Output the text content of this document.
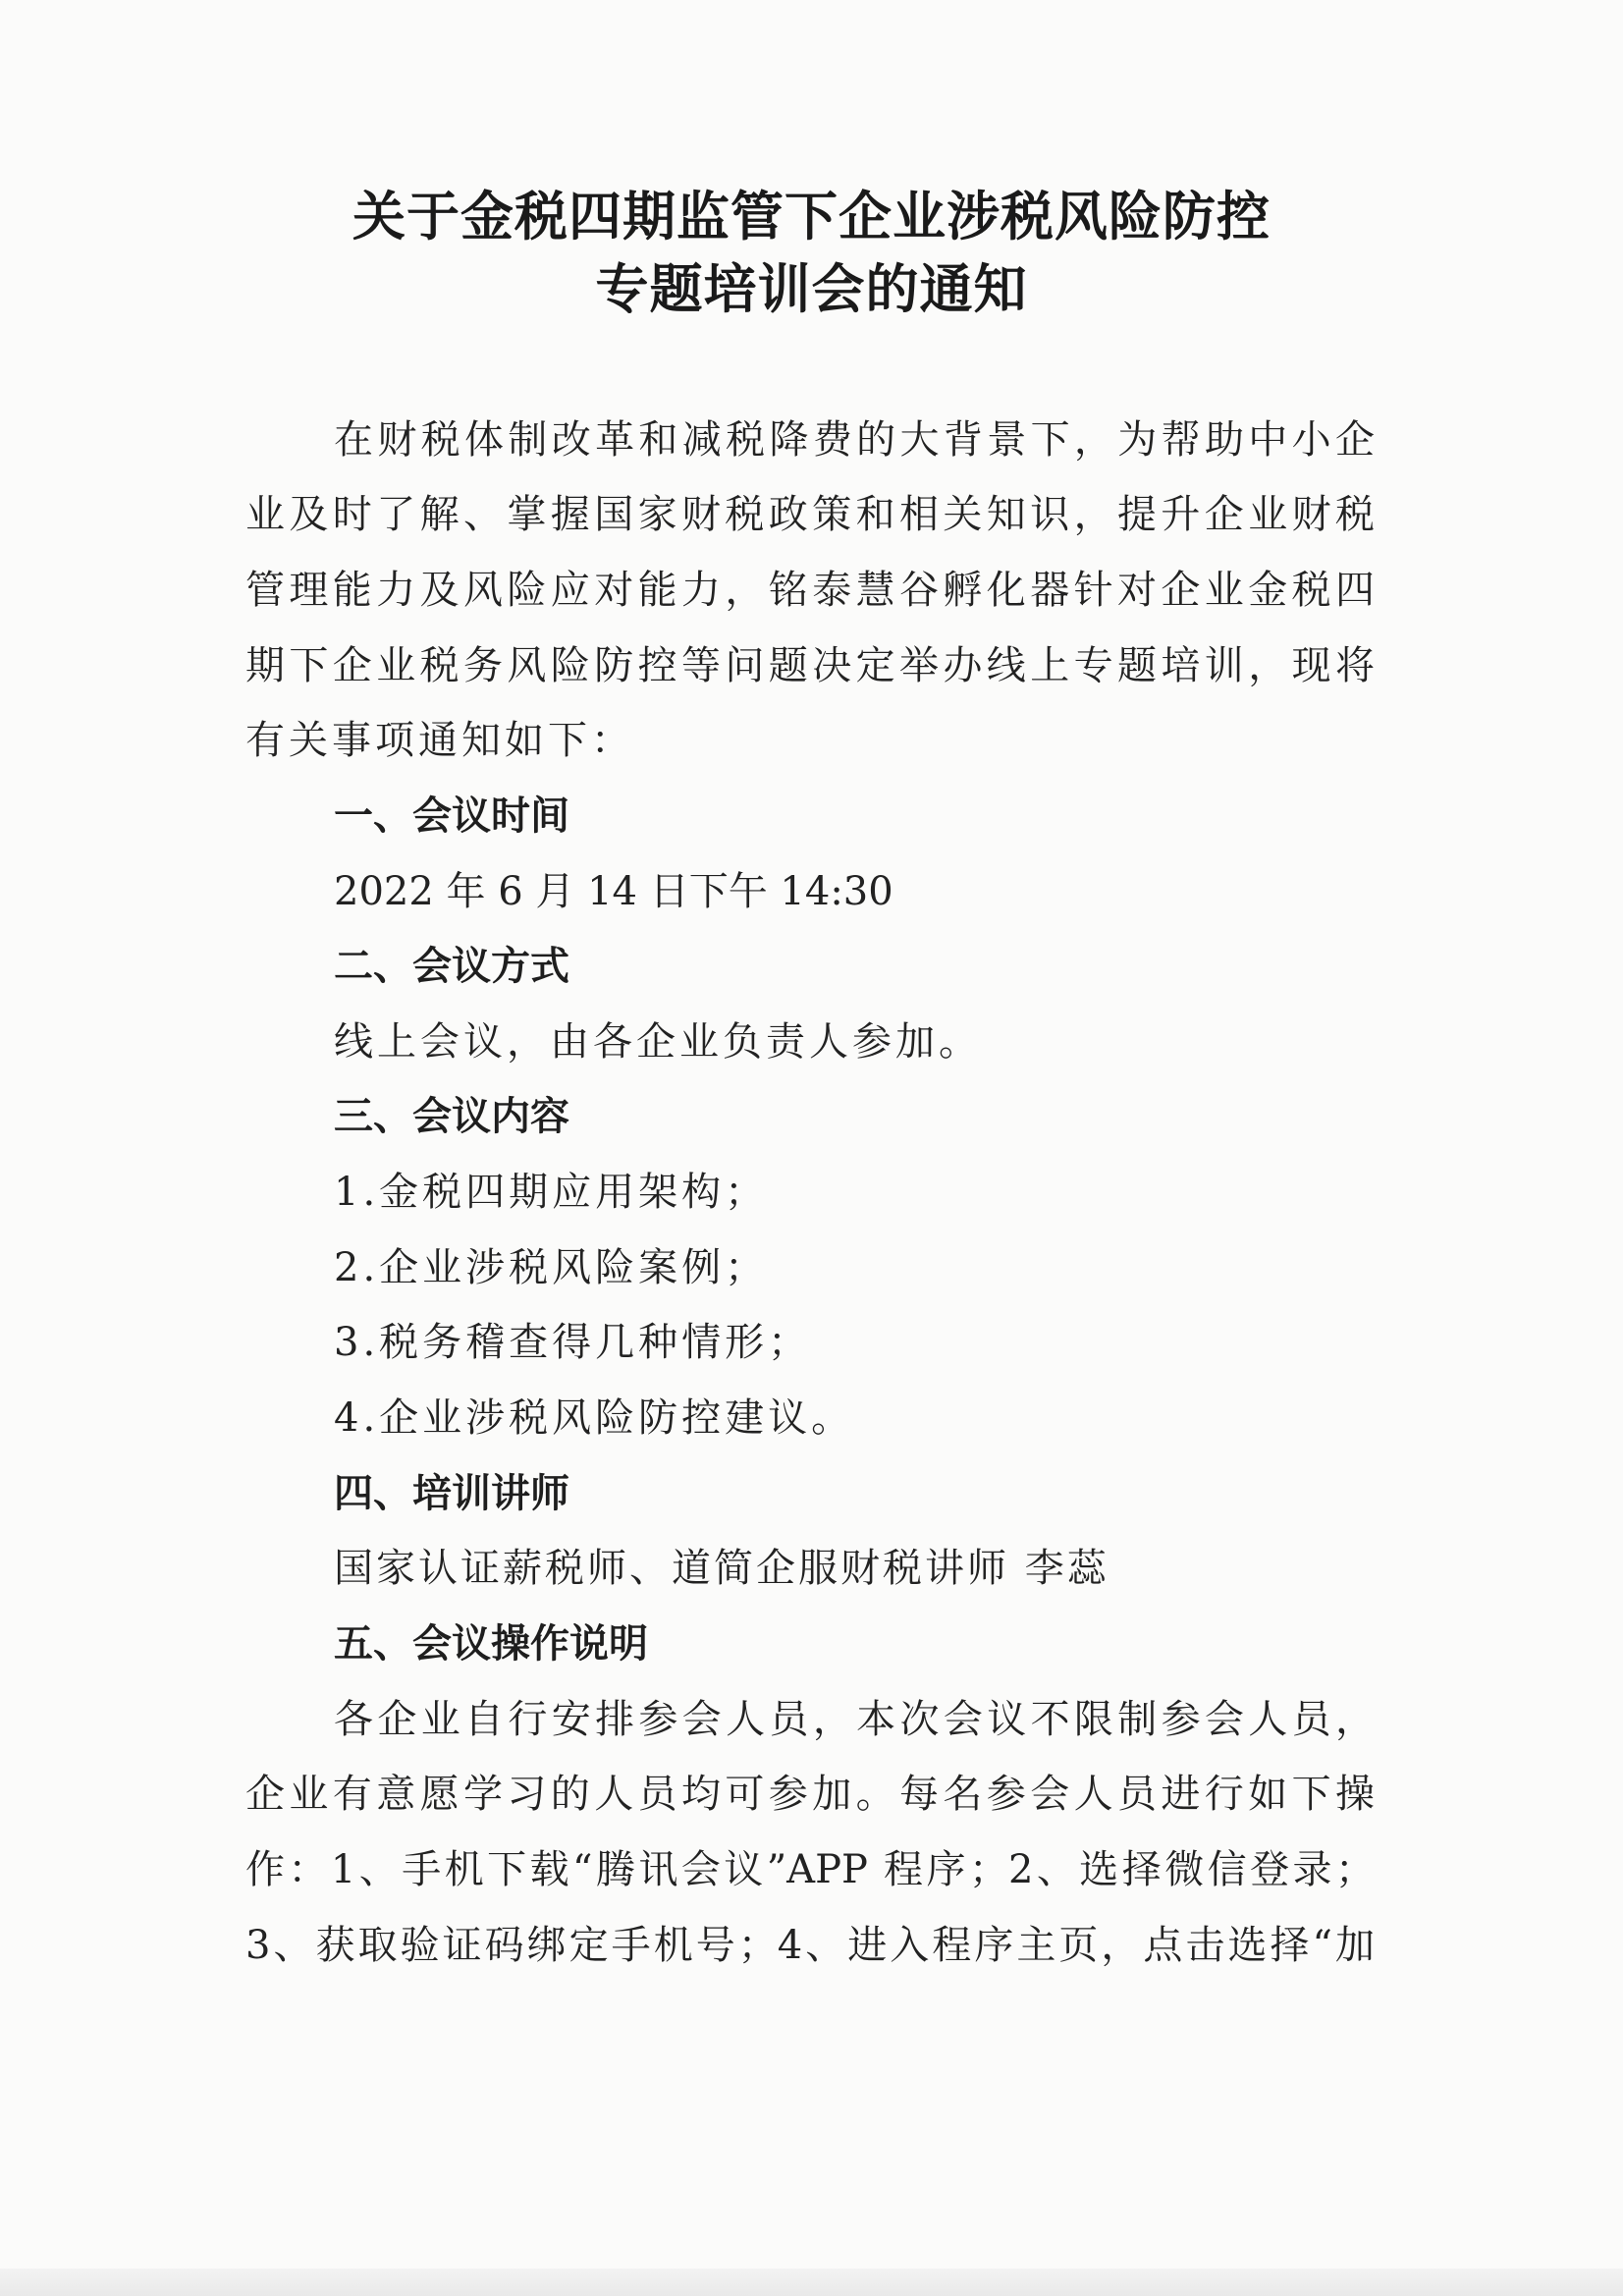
关于金税四期监管下企业涉税风险防控
专题培训会的通知
在财税体制改革和减税降费的大背景下，为帮助中小企
业及时了解、掌握国家财税政策和相关知识，提升企业财税
管理能力及风险应对能力，铭泰慧谷孵化器针对企业金税四
期下企业税务风险防控等问题决定举办线上专题培训，现将
有关事项通知如下：
一、会议时间
2022 年 6 月 14 日下午 14:30
二、会议方式
线上会议，由各企业负责人参加。
三、会议内容
1.金税四期应用架构；
2.企业涉税风险案例；
3.税务稽查得几种情形；
4.企业涉税风险防控建议。
四、培训讲师
国家认证薪税师、道简企服财税讲师 李蕊
五、会议操作说明
各企业自行安排参会人员，本次会议不限制参会人员，
企业有意愿学习的人员均可参加。每名参会人员进行如下操
作：1、手机下载“腾讯会议”APP 程序；2、选择微信登录；
3、获取验证码绑定手机号；4、进入程序主页，点击选择“加
